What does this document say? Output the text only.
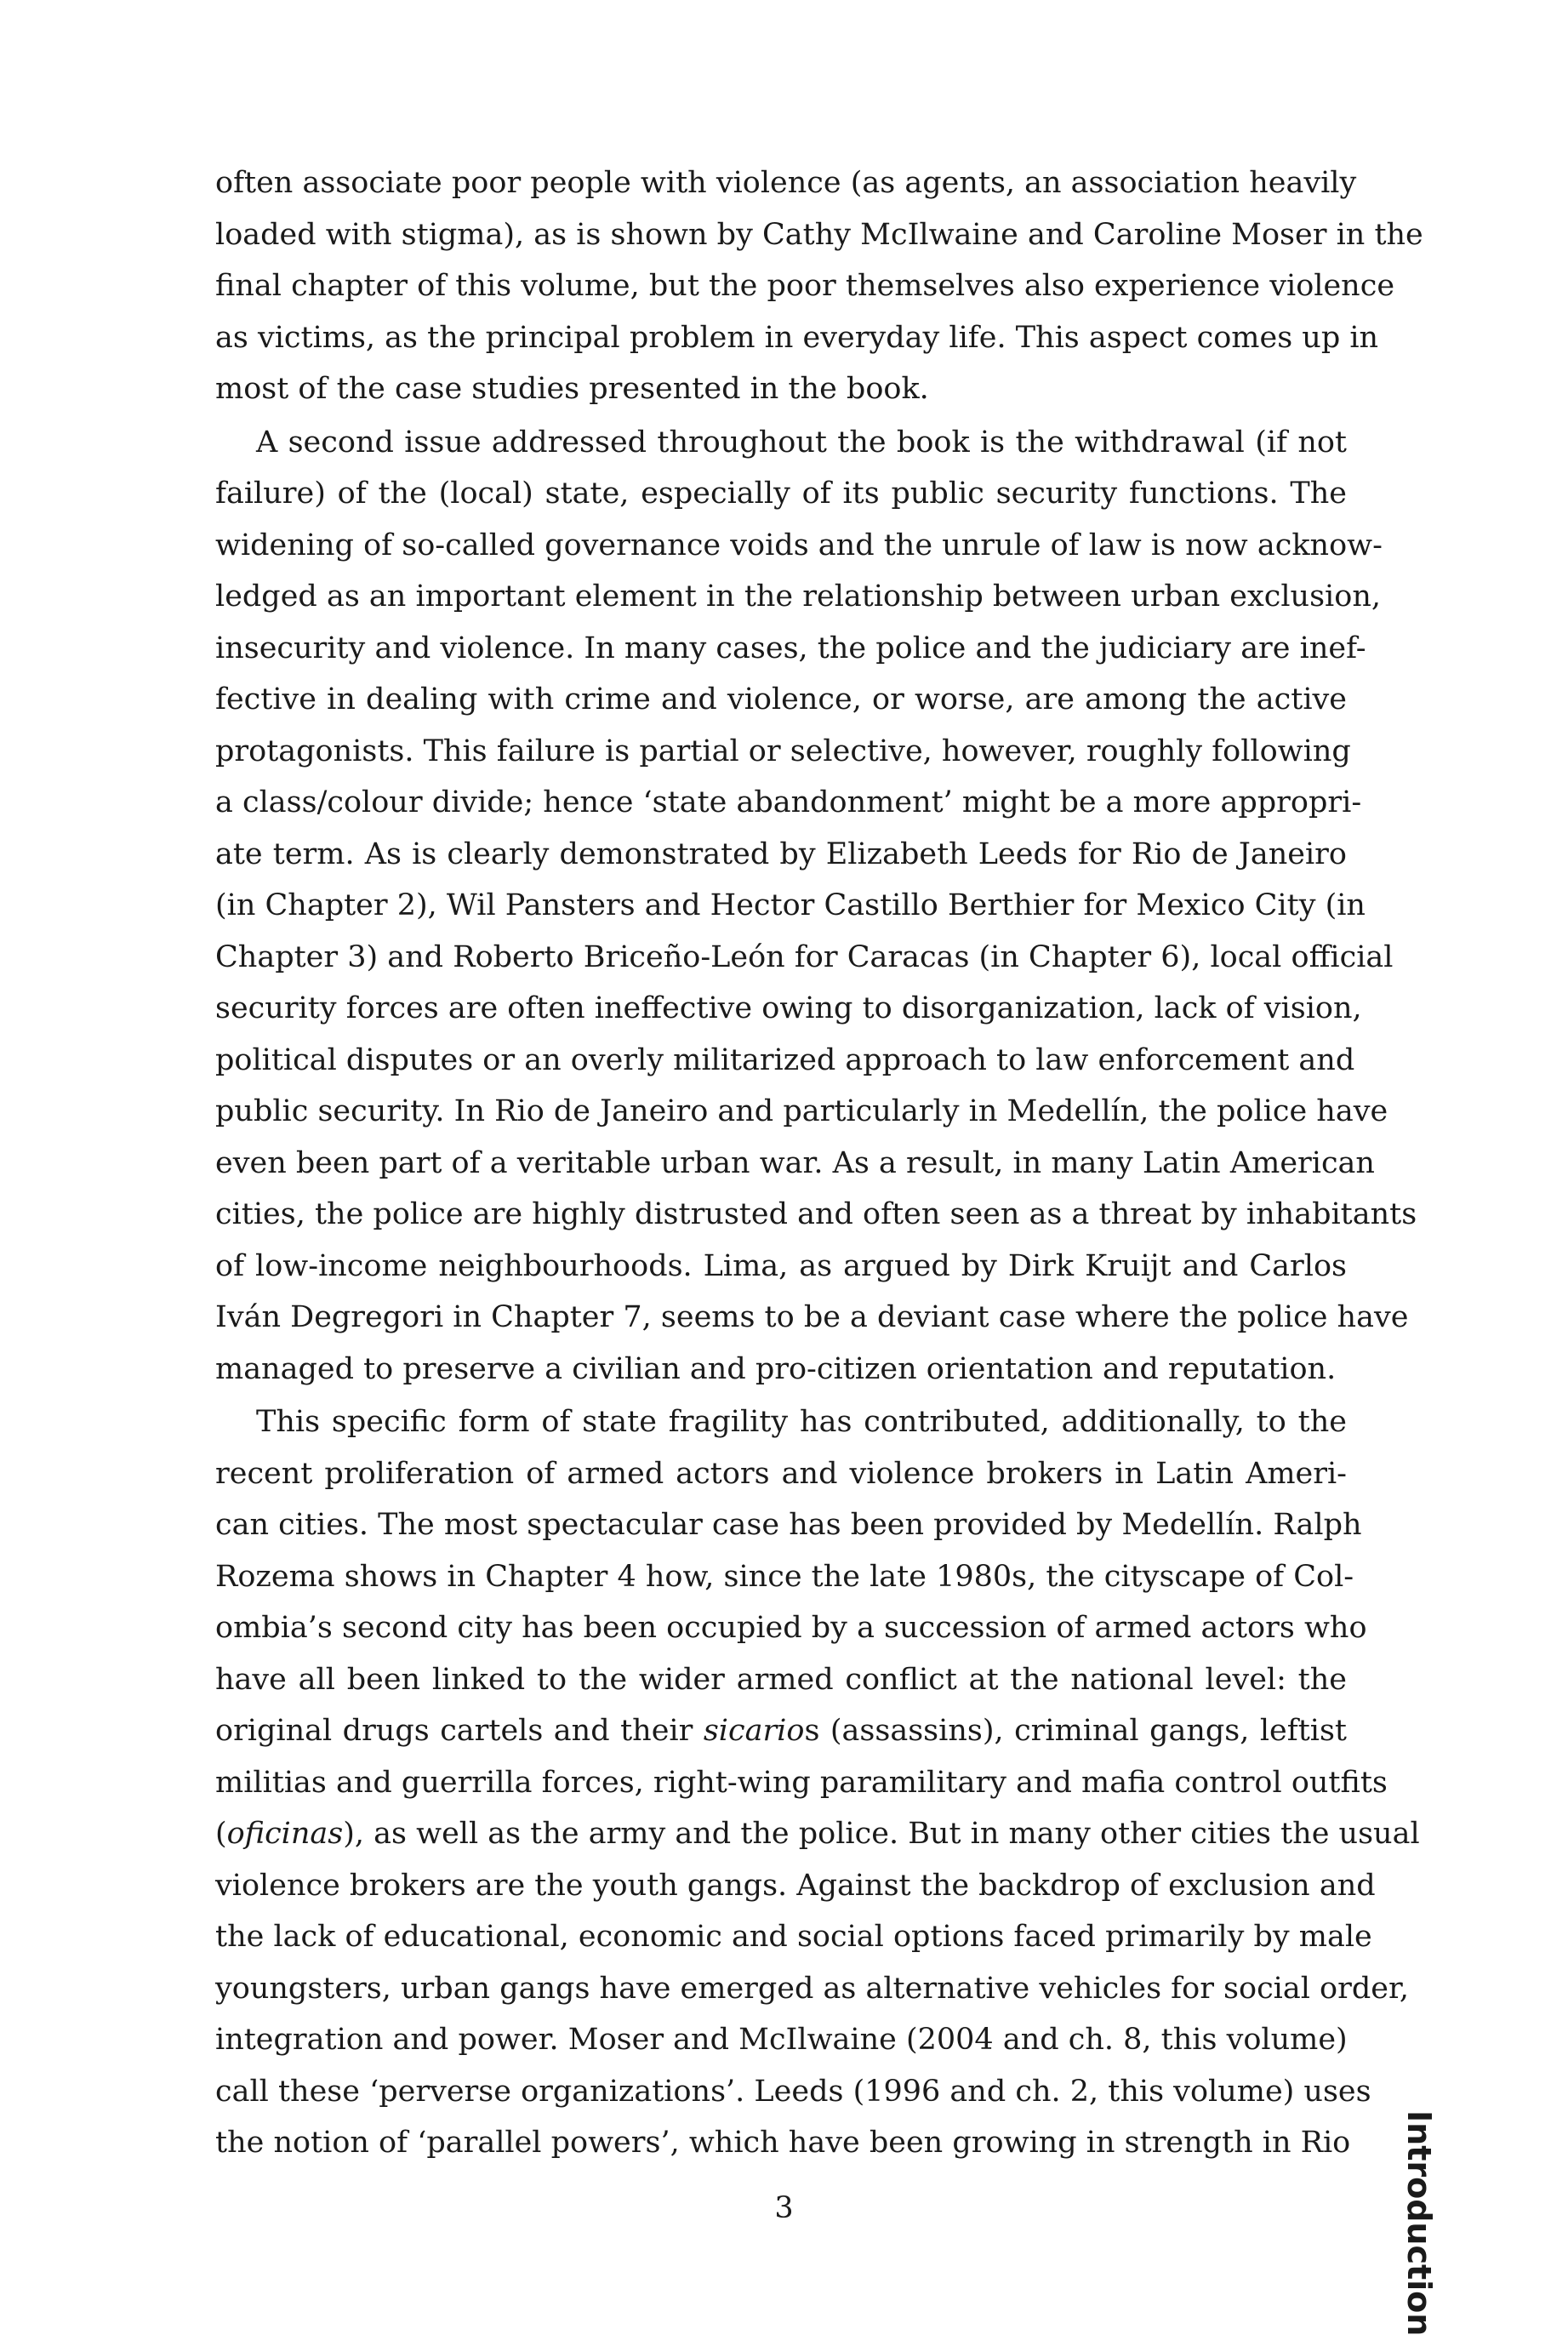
often associate poor people with violence (as agents, an association heavily
loaded with stigma), as is shown by Cathy McIlwaine and Caroline Moser in the
final chapter of this volume, but the poor themselves also experience violence
as victims, as the principal problem in everyday life. This aspect comes up in
most of the case studies presented in the book.

A second issue addressed throughout the book is the withdrawal (if not
failure) of the (local) state, especially of its public security functions. The
widening of so-called governance voids and the unrule of law is now acknow-
ledged as an important element in the relationship between urban exclusion,
insecurity and violence. In many cases, the police and the judiciary are inef-
fective in dealing with crime and violence, or worse, are among the active
protagonists. This failure is partial or selective, however, roughly following
a class/colour divide; hence ‘state abandonment’ might be a more appropri-
ate term. As is clearly demonstrated by Elizabeth Leeds for Rio de Janeiro
(in Chapter 2), Wil Pansters and Hector Castillo Berthier for Mexico City (in
Chapter 3) and Roberto Briceño-León for Caracas (in Chapter 6), local official
security forces are often ineffective owing to disorganization, lack of vision,
political disputes or an overly militarized approach to law enforcement and
public security. In Rio de Janeiro and particularly in Medellín, the police have
even been part of a veritable urban war. As a result, in many Latin American
cities, the police are highly distrusted and often seen as a threat by inhabitants
of low-income neighbourhoods. Lima, as argued by Dirk Kruijt and Carlos
Iván Degregori in Chapter 7, seems to be a deviant case where the police have
managed to preserve a civilian and pro-citizen orientation and reputation.

This specific form of state fragility has contributed, additionally, to the
recent proliferation of armed actors and violence brokers in Latin Ameri-
can cities. The most spectacular case has been provided by Medellín. Ralph
Rozema shows in Chapter 4 how, since the late 1980s, the cityscape of Col-
ombia’s second city has been occupied by a succession of armed actors who
have all been linked to the wider armed conflict at the national level: the
original drugs cartels and their sicarios (assassins), criminal gangs, leftist
militias and guerrilla forces, right-wing paramilitary and mafia control outfits
(oficinas), as well as the army and the police. But in many other cities the usual
violence brokers are the youth gangs. Against the backdrop of exclusion and
the lack of educational, economic and social options faced primarily by male
youngsters, urban gangs have emerged as alternative vehicles for social order,
integration and power. Moser and McIlwaine (2004 and ch. 8, this volume)
call these ‘perverse organizations’. Leeds (1996 and ch. 2, this volume) uses
the notion of ‘parallel powers’, which have been growing in strength in Rio Introduction
3
